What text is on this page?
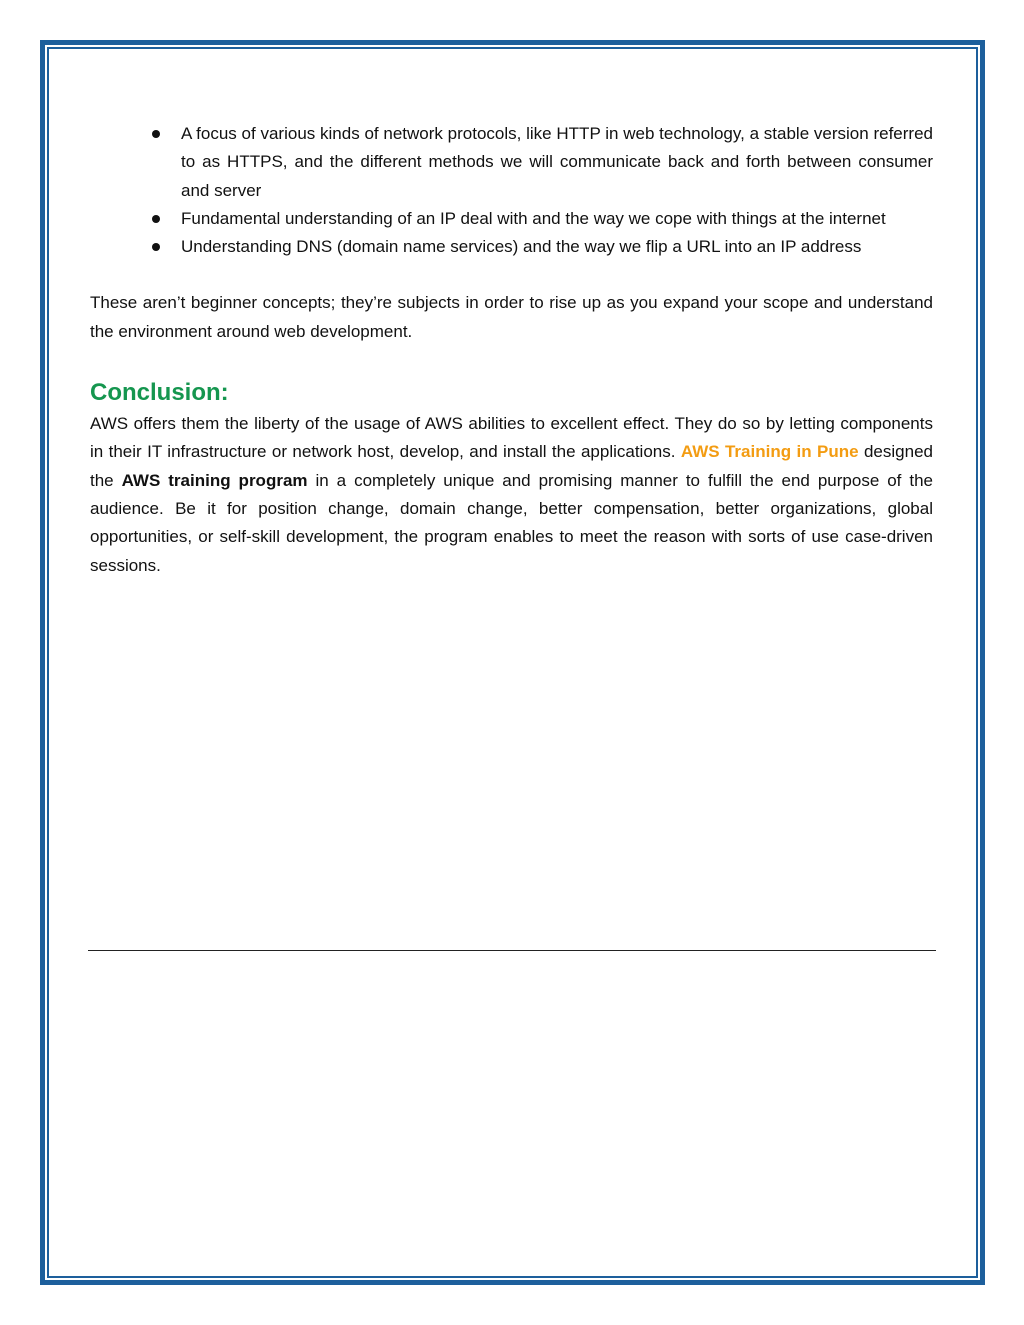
A focus of various kinds of network protocols, like HTTP in web technology, a stable version referred to as HTTPS, and the different methods we will communicate back and forth between consumer and server
Fundamental understanding of an IP deal with and the way we cope with things at the internet
Understanding DNS (domain name services) and the way we flip a URL into an IP address

These aren’t beginner concepts; they’re subjects in order to rise up as you expand your scope and understand the environment around web development.

Conclusion:

AWS offers them the liberty of the usage of AWS abilities to excellent effect. They do so by letting components in their IT infrastructure or network host, develop, and install the applications. AWS Training in Pune designed the AWS training program in a completely unique and promising manner to fulfill the end purpose of the audience. Be it for position change, domain change, better compensation, better organizations, global opportunities, or self-skill development, the program enables to meet the reason with sorts of use case-driven sessions.
